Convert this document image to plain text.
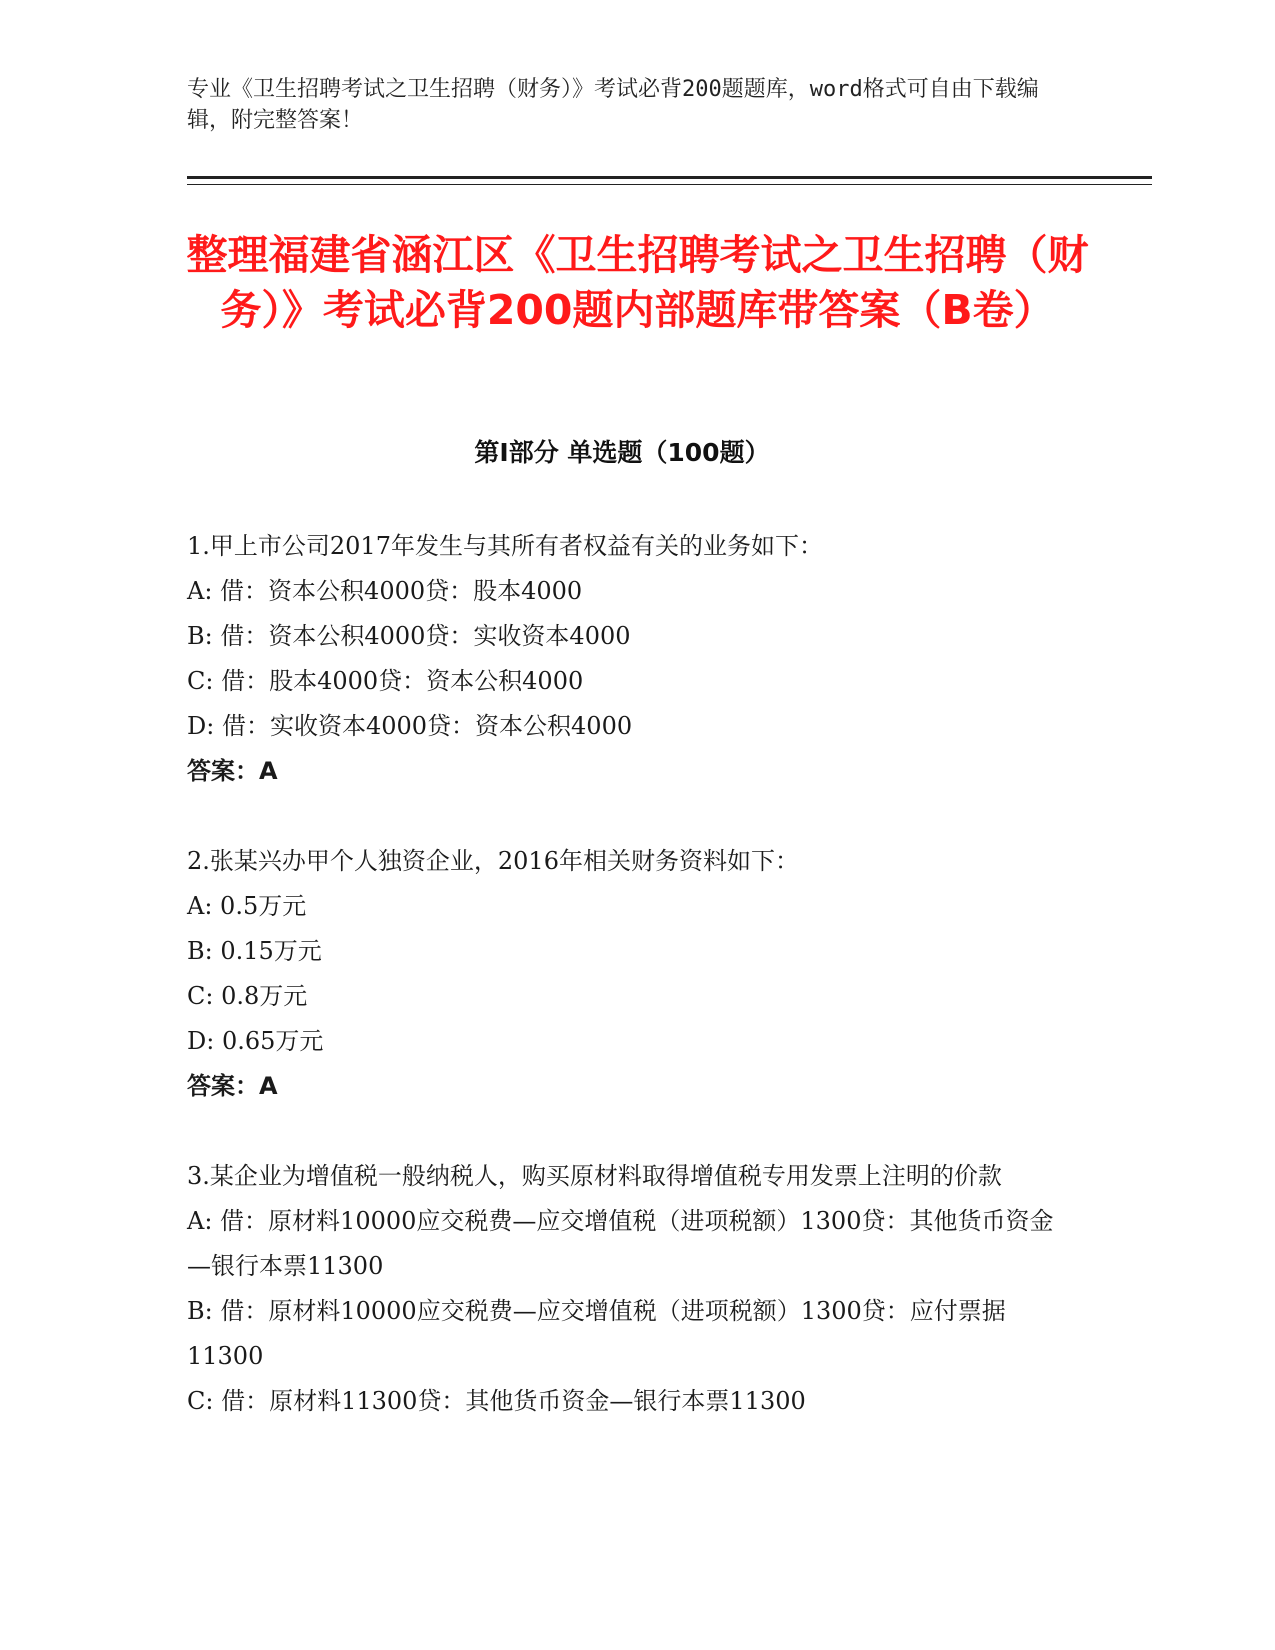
专业《卫生招聘考试之卫生招聘（财务）》考试必背200题题库，word格式可自由下载编辑，附完整答案！
整理福建省涵江区《卫生招聘考试之卫生招聘（财务）》考试必背200题内部题库带答案（B卷）
第Ⅰ部分 单选题（100题）
1.甲上市公司2017年发生与其所有者权益有关的业务如下：
A: 借：资本公积4000贷：股本4000
B: 借：资本公积4000贷：实收资本4000
C: 借：股本4000贷：资本公积4000
D: 借：实收资本4000贷：资本公积4000
答案：A
2.张某兴办甲个人独资企业，2016年相关财务资料如下：
A: 0.5万元
B: 0.15万元
C: 0.8万元
D: 0.65万元
答案：A
3.某企业为增值税一般纳税人，购买原材料取得增值税专用发票上注明的价款
A: 借：原材料10000应交税费—应交增值税（进项税额）1300贷：其他货币资金—银行本票11300
B: 借：原材料10000应交税费—应交增值税（进项税额）1300贷：应付票据11300
C: 借：原材料11300贷：其他货币资金—银行本票11300
